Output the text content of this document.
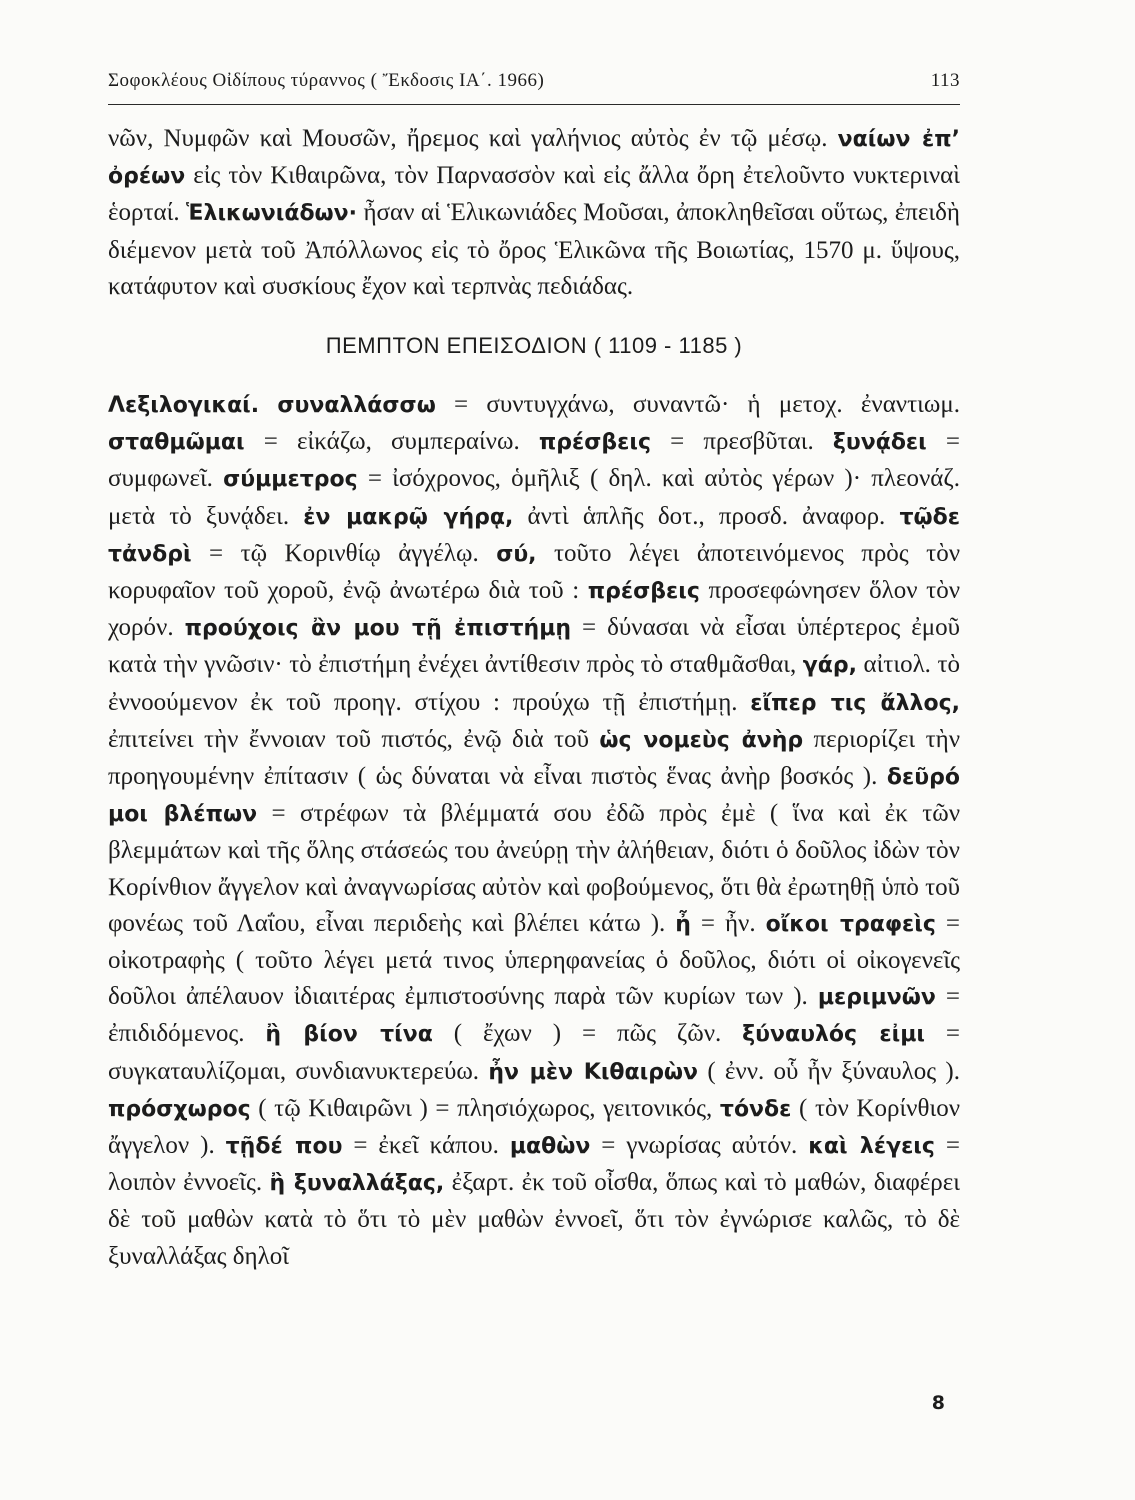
Σοφοκλέους Οἰδίπους τύραννος ( Ἔκδοσις ΙΑ΄. 1966)	113

νῶν, Νυμφῶν καὶ Μουσῶν, ἤρεμος καὶ γαλήνιος αὐτὸς ἐν τῷ μέσῳ. ναίων ἐπ’ ὀρέων εἰς τὸν Κιθαιρῶνα, τὸν Παρνασσὸν καὶ εἰς ἄλλα ὄρη ἐτελοῦντο νυκτεριναὶ ἑορταί. Ἑλικωνιάδων· ἦσαν αἱ Ἑλικωνιάδες Μοῦσαι, ἀποκληθεῖσαι οὕτως, ἐπειδὴ διέμενον μετὰ τοῦ Ἀπόλλωνος εἰς τὸ ὄρος Ἑλικῶνα τῆς Βοιωτίας, 1570 μ. ὕψους, κατάφυτον καὶ συσκίους ἔχον καὶ τερπνὰς πεδιάδας.

ΠΕΜΠΤΟΝ ΕΠΕΙΣΟΔΙΟΝ ( 1109 - 1185 )

Λεξιλογικαί. συναλλάσσω = συντυγχάνω, συναντῶ· ἡ μετοχ. ἐναντιωμ. σταθμῶμαι = εἰκάζω, συμπεραίνω. πρέσβεις = πρεσβῦται. ξυνᾴδει = συμφωνεῖ. σύμμετρος = ἰσόχρονος, ὁμῆλιξ ( δηλ. καὶ αὐτὸς γέρων )· πλεονάζ. μετὰ τὸ ξυνᾴδει. ἐν μακρῷ γήρᾳ, ἀντὶ ἁπλῆς δοτ., προσδ. ἀναφορ. τῷδε τἀνδρὶ = τῷ Κορινθίῳ ἀγγέλῳ. σύ, τοῦτο λέγει ἀποτεινόμενος πρὸς τὸν κορυφαῖον τοῦ χοροῦ, ἐνῷ ἀνωτέρω διὰ τοῦ : πρέσβεις προσεφώνησεν ὅλον τὸν χορόν. προύχοις ἂν μου τῇ ἐπιστήμῃ = δύνασαι νὰ εἶσαι ὑπέρτερος ἐμοῦ κατὰ τὴν γνῶσιν· τὸ ἐπιστήμη ἐνέχει ἀντίθεσιν πρὸς τὸ σταθμᾶσθαι, γάρ, αἰτιολ. τὸ ἐννοούμενον ἐκ τοῦ προηγ. στίχου : προύχω τῇ ἐπιστήμῃ. εἴπερ τις ἄλλος, ἐπιτείνει τὴν ἔννοιαν τοῦ πιστός, ἐνῷ διὰ τοῦ ὡς νομεὺς ἀνὴρ περιορίζει τὴν προηγουμένην ἐπίτασιν ( ὡς δύναται νὰ εἶναι πιστὸς ἕνας ἀνὴρ βοσκός ). δεῦρό μοι βλέπων = στρέφων τὰ βλέμματά σου ἐδῶ πρὸς ἐμὲ ( ἵνα καὶ ἐκ τῶν βλεμμάτων καὶ τῆς ὅλης στάσεώς του ἀνεύρῃ τὴν ἀλήθειαν, διότι ὁ δοῦλος ἰδὼν τὸν Κορίνθιον ἄγγελον καὶ ἀναγνωρίσας αὐτὸν καὶ φοβούμενος, ὅτι θὰ ἐρωτηθῇ ὑπὸ τοῦ φονέως τοῦ Λαΐου, εἶναι περιδεὴς καὶ βλέπει κάτω ). ἦ = ἦν. οἴκοι τραφεὶς = οἰκοτραφὴς ( τοῦτο λέγει μετά τινος ὑπερηφανείας ὁ δοῦλος, διότι οἱ οἰκογενεῖς δοῦλοι ἀπέλαυον ἰδιαιτέρας ἐμπιστοσύνης παρὰ τῶν κυρίων των ). μεριμνῶν = ἐπιδιδόμενος. ἢ βίον τίνα ( ἔχων ) = πῶς ζῶν. ξύναυλός εἰμι = συγκαταυλίζομαι, συνδιανυκτερεύω. ἦν μὲν Κιθαιρὼν ( ἐνν. οὗ ἦν ξύναυλος ). πρόσχωρος ( τῷ Κιθαιρῶνι ) = πλησιόχωρος, γειτονικός, τόνδε ( τὸν Κορίνθιον ἄγγελον ). τῇδέ που = ἐκεῖ κάπου. μαθὼν = γνωρίσας αὐτόν. καὶ λέγεις = λοιπὸν ἐννοεῖς. ἢ ξυναλλάξας, ἐξαρτ. ἐκ τοῦ οἶσθα, ὅπως καὶ τὸ μαθών, διαφέρει δὲ τοῦ μαθὼν κατὰ τὸ ὅτι τὸ μὲν μαθὼν ἐννοεῖ, ὅτι τὸν ἐγνώρισε καλῶς, τὸ δὲ ξυναλλάξας δηλοῖ

8
